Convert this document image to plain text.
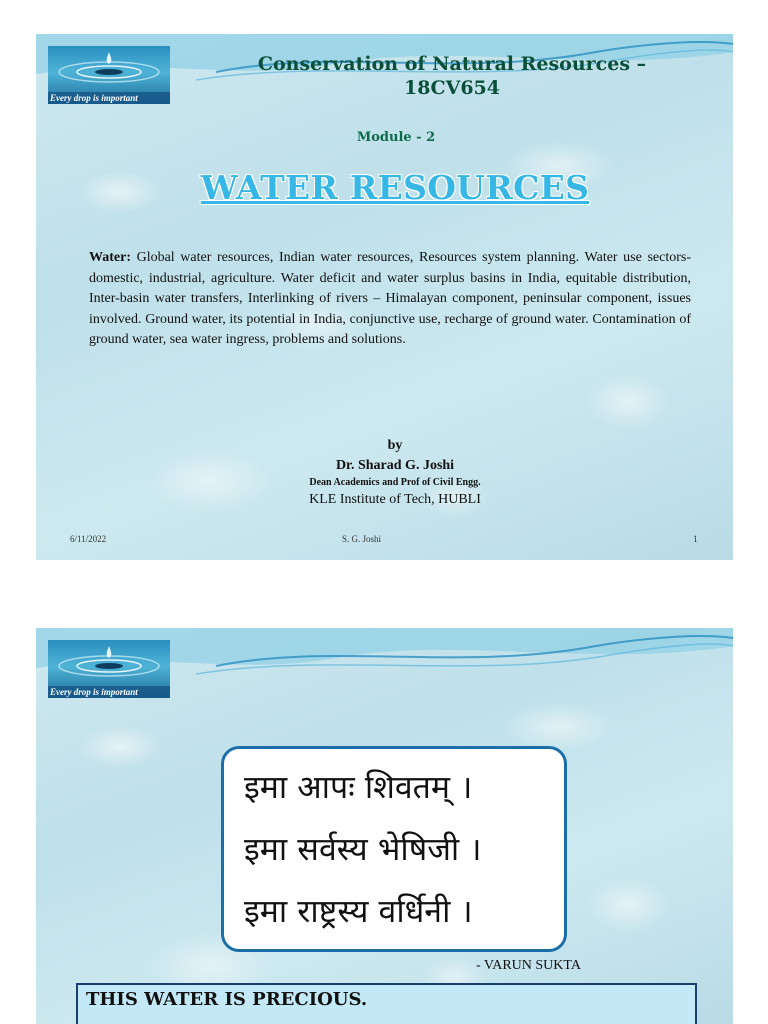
Every drop is important
Conservation of Natural Resources – 18CV654
Module - 2
WATER RESOURCES
Water: Global water resources, Indian water resources, Resources system planning. Water use sectors- domestic, industrial, agriculture. Water deficit and water surplus basins in India, equitable distribution, Inter-basin water transfers, Interlinking of rivers – Himalayan component, peninsular component, issues involved. Ground water, its potential in India, conjunctive use, recharge of ground water. Contamination of ground water, sea water ingress, problems and solutions.
by
Dr. Sharad G. Joshi
Dean Academics and Prof of Civil Engg.
KLE Institute of Tech, HUBLI
6/11/2022	S. G. Joshi	1
Every drop is important
इमा आपः शिवतम् ।
इमा सर्वस्य भेषिजी ।
इमा राष्ट्रस्य वर्धिनी ।
- VARUN SUKTA
THIS WATER IS PRECIOUS.
